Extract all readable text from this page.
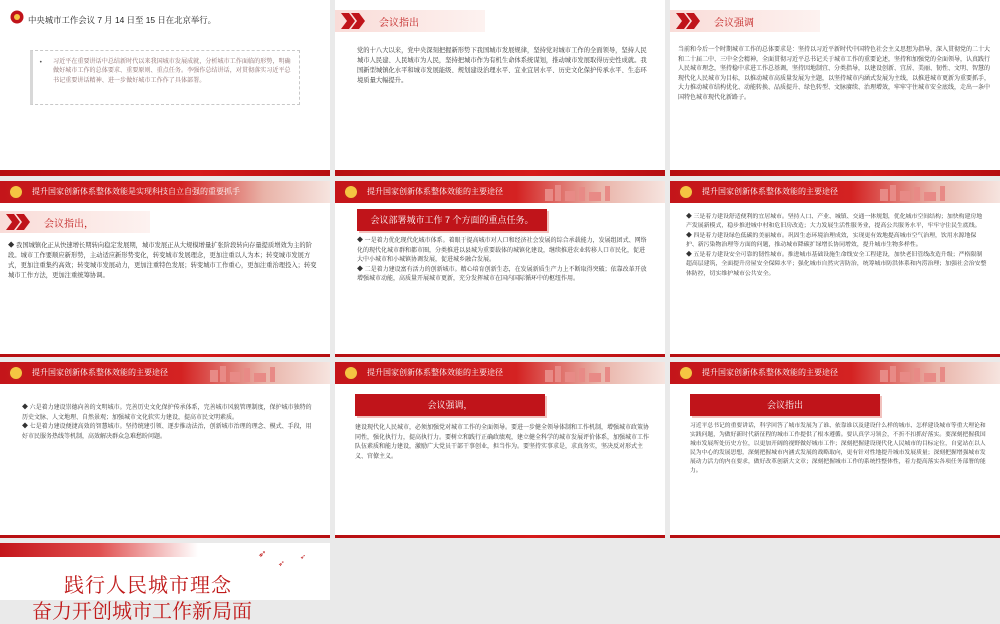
中央城市工作会议 7 月 14 日至 15 日在北京举行。
• 习近平在重要讲话中总结新时代以来我国城市发展成就，分析城市工作面临的形势，明确做好城市工作的总体要求、重要原则、重点任务。李强作总结讲话，对贯彻落实习近平总书记重要讲话精神、进一步做好城市工作作了具体部署。
会议指出
党的十八大以来，党中央深刻把握新形势下我国城市发展规律，坚持党对城市工作的全面领导，坚持人民城市人民建、人民城市为人民，坚持把城市作为有机生命体系统谋划，推动城市发展取得历史性成就。我国新型城镇化水平和城市发展能级、规划建设治理水平、宜业宜居水平、历史文化保护传承水平、生态环境质量大幅提升。
会议强调
当前和今后一个时期城市工作的总体要求是：坚持以习近平新时代中国特色社会主义思想为指导，深入贯彻党的二十大和二十届二中、三中全会精神，全面贯彻习近平总书记关于城市工作的重要论述，坚持和加强党的全面领导，认真践行人民城市理念，坚持稳中求进工作总基调，坚持因地制宜、分类指导，以建设创新、宜居、美丽、韧性、文明、智慧的现代化人民城市为目标，以推动城市高质量发展为主题，以坚持城市内涵式发展为主线，以推进城市更新为重要抓手，大力推动城市结构优化、动能转换、品质提升、绿色转型、文脉赓续、治理增效，牢牢守住城市安全底线，走出一条中国特色城市现代化新路子。
提升国家创新体系整体效能是实现科技自立自强的重要抓手
会议指出，
◆ 我国城镇化正从快速增长期转向稳定发展期，城市发展正从大规模增量扩张阶段转向存量提质增效为主的阶段。城市工作要顺应新形势，主动适应新形势变化，转变城市发展理念，更加注重以人为本；转变城市发展方式，更加注重集约高效；转变城市发展动力，更加注重特色发展；转变城市工作重心，更加注重治理投入；转变城市工作方法，更加注重统筹协调。
提升国家创新体系整体效能的主要途径
会议部署城市工作 7 个方面的重点任务。
◆ 一是着力优化现代化城市体系。着眼于提高城市对人口和经济社会发展的综合承载能力，发展组团式、网络化的现代化城市群和都市圈，分类推进以县城为重要载体的城镇化建设，继续推进农业转移人口市民化，促进大中小城市和小城镇协调发展，促进城乡融合发展。
◆ 二是着力建设富有活力的创新城市。精心培育创新生态，在发展新质生产力上不断取得突破；依靠改革开放增强城市动能，高质量开展城市更新，充分发挥城市在国内国际循环中的枢纽作用。
提升国家创新体系整体效能的主要途径
◆ 三是着力建设舒适便利的宜居城市。坚持人口、产业、城镇、交通一体规划，优化城市空间结构；加快构建房地产发展新模式，稳步推进城中村和危旧房改造；大力发展生活性服务业，提高公共服务水平，牢牢守住民生底线。
◆ 四是着力建设绿色低碳的美丽城市。巩固生态环境治理成效，实现更有效地提高城市空气治理，饮用水源地保护、新污染物治理等方面的问题，推动城市降碳扩绿增长协同增效，提升城市生物多样性。
◆ 五是着力建设安全可靠的韧性城市。推进城市基础设施生命线安全工程建设，加快老旧管线改造升级；严格限制超高层建筑，全面提升房屋安全保障水平；强化城市自然灾害防治，统筹城市防洪体系和内涝治理；加强社会治安整体防控，切实维护城市公共安全。
提升国家创新体系整体效能的主要途径
◆ 六是着力建设崇德向善的文明城市。完善历史文化保护传承体系，完善城市风貌管理制度，保护城市独特的历史文脉、人文地理、自然景观；加强城市文化软实力建设，提高市民文明素质。
◆ 七是着力建设便捷高效的智慧城市。坚持统建引领、逐步推动法治，创新城市治理的理念、模式、手段，用好市民服务热线等机制，高效解决群众急难愁盼问题。
提升国家创新体系整体效能的主要途径
会议强调，
建设现代化人民城市，必须加强党对城市工作的全面领导。要进一步健全领导体制和工作机制，增强城市政策协同性，强化执行力，提高执行力。要树立和践行正确政绩观，建立健全科学的城市发展评价体系，加强城市工作队伍素质和能力建设，激励广大党员干部干事创业，担当作为。要坚持实事求是，求真务实，坚决反对形式主义、官僚主义。
提升国家创新体系整体效能的主要途径
会议指出
习近平总书记的重要讲话，科学回答了城市发展为了谁、依靠谁以及建设什么样的城市、怎样建设城市等重大理论和实践问题，为做好新时代新征程的城市工作提供了根本遵循。要认真学习领会，不折不扣抓好落实。要深刻把握我国城市发展所处历史方位，以更加开阔的视野做好城市工作；深刻把握建设现代化人民城市的目标定位，自觉站在以人民为中心的发展思想，深刻把握城市内涵式发展的战略取向，更有针对性地提升城市发展质量；深刻把握增强城市发展动力活力的内在要求，做好改革创新大文章；深刻把握城市工作的系统性整体性，着力提高落实各项任务部署的能力。
➶
➶
➶
践行人民城市理念
奋力开创城市工作新局面
